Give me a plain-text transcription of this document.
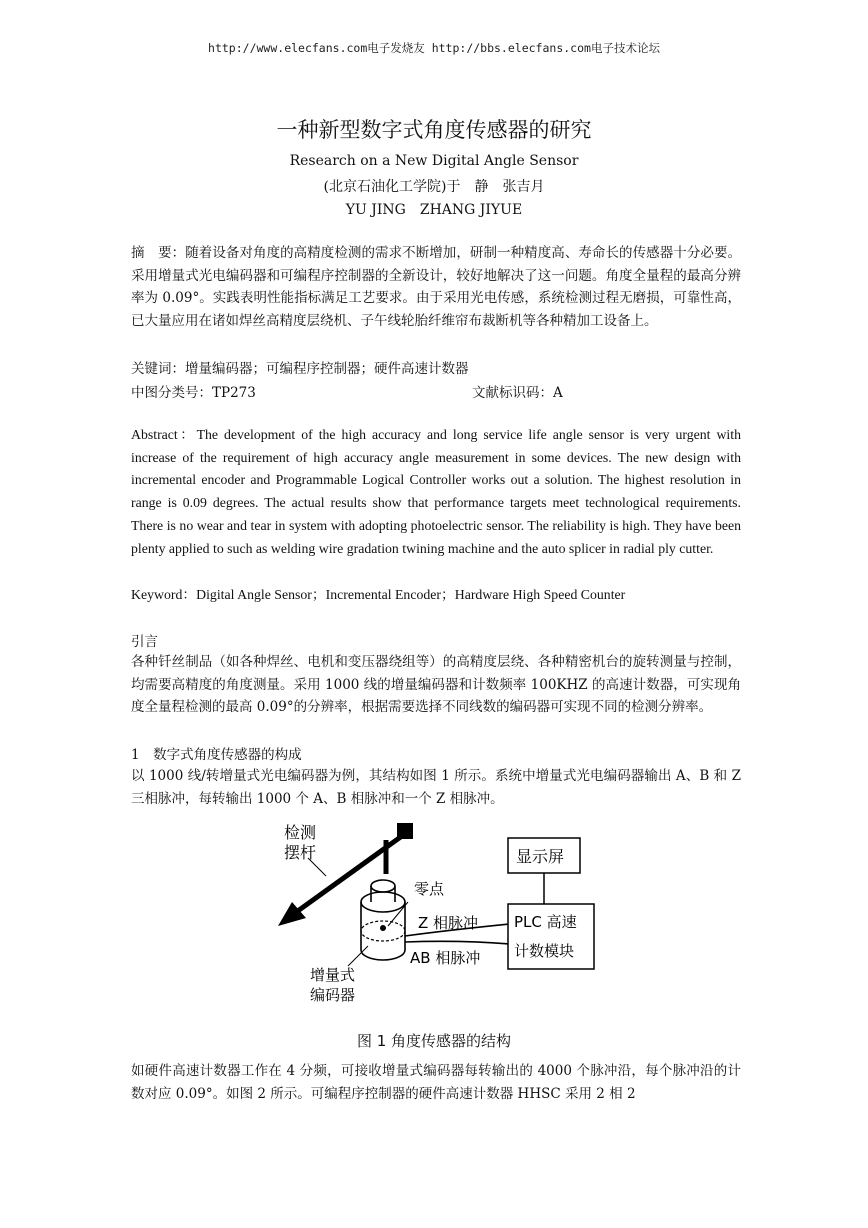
http://www.elecfans.com电子发烧友 http://bbs.elecfans.com电子技术论坛
一种新型数字式角度传感器的研究
Research on a New Digital Angle Sensor
(北京石油化工学院)于　静　张吉月
YU JING　ZHANG JIYUE

摘　要：随着设备对角度的高精度检测的需求不断增加，研制一种精度高、寿命长的传感器十分必要。采用增量式光电编码器和可编程序控制器的全新设计，较好地解决了这一问题。角度全量程的最高分辨率为 0.09°。实践表明性能指标满足工艺要求。由于采用光电传感，系统检测过程无磨损，可靠性高，已大量应用在诸如焊丝高精度层绕机、子午线轮胎纤维帘布裁断机等各种精加工设备上。

关键词：增量编码器；可编程序控制器；硬件高速计数器
中图分类号：TP273	文献标识码：A

Abstract：The development of the high accuracy and long service life angle sensor is very urgent with increase of the requirement of high accuracy angle measurement in some devices. The new design with incremental encoder and Programmable Logical Controller works out a solution. The highest resolution in range is 0.09 degrees. The actual results show that performance targets meet technological requirements. There is no wear and tear in system with adopting photoelectric sensor. The reliability is high. They have been plenty applied to such as welding wire gradation twining machine and the auto splicer in radial ply cutter.

Keyword：Digital Angle Sensor；Incremental Encoder；Hardware High Speed Counter
引言

各种钎丝制品（如各种焊丝、电机和变压器绕组等）的高精度层绕、各种精密机台的旋转测量与控制，均需要高精度的角度测量。采用 1000 线的增量编码器和计数频率 100KHZ 的高速计数器，可实现角度全量程检测的最高 0.09°的分辨率，根据需要选择不同线数的编码器可实现不同的检测分辨率。

1　数字式角度传感器的构成

以 1000 线/转增量式光电编码器为例，其结构如图 1 所示。系统中增量式光电编码器输出 A、B 和 Z 三相脉冲，每转输出 1000 个 A、B 相脉冲和一个 Z 相脉冲。

检测
摆杆	显示屏
零点
Z 相脉冲
AB 相脉冲
PLC 高速
计数模块
增量式
编码器
图 1 角度传感器的结构

如硬件高速计数器工作在 4 分频，可接收增量式编码器每转输出的 4000 个脉冲沿，每个脉冲沿的计数对应 0.09°。如图 2 所示。可编程序控制器的硬件高速计数器 HHSC 采用 2 相 2
